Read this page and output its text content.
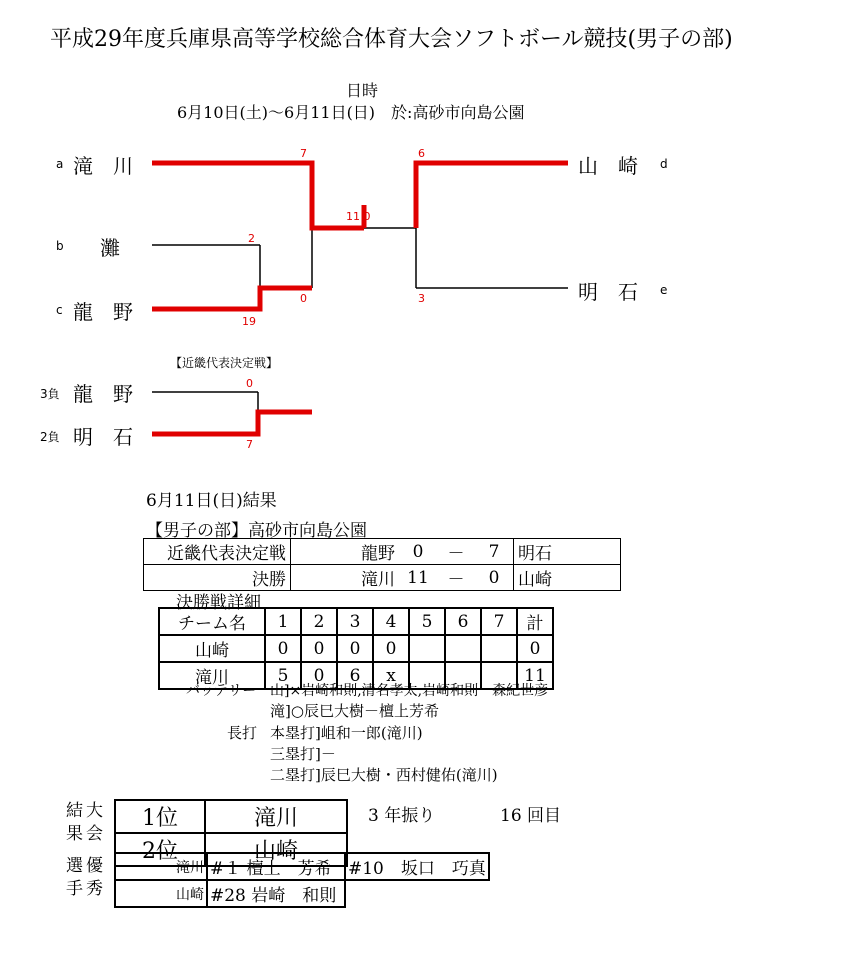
平成29年度兵庫県高等学校総合体育大会ソフトボール競技(男子の部)
日時
6月10日(土)～6月11日(日)　於:高砂市向島公園
a 滝　川
b 灘
c 龍　野
山　崎 d
明　石 e
7
2
19
0
6
3
11 0
【近畿代表決定戦】
3負 龍　野	0
2負 明　石	7
6月11日(日)結果
【男子の部】高砂市向島公園
近畿代表決定戦	龍野	0	－	7	明石
決勝	滝川	11	－	0	山崎
決勝戦詳細
チーム名	1	2	3	4	5	6	7	計
山崎	0	0	0	0				0
滝川	5	0	6	x				11
バッテリー 山]×岩崎和則,清名孝太,岩崎和則－森紀世彦
滝]○辰巳大樹－檀上芳希
長打 本塁打]岨和一郎(滝川)
三塁打]－
二塁打]辰巳大樹・西村健佑(滝川)
大会
結果
1位	滝川
2位	山崎
3 年振り	16 回目
優秀
選手
滝川	#１ 檀上　芳希	#10　坂口　巧真
山崎	#28 岩崎　和則	
